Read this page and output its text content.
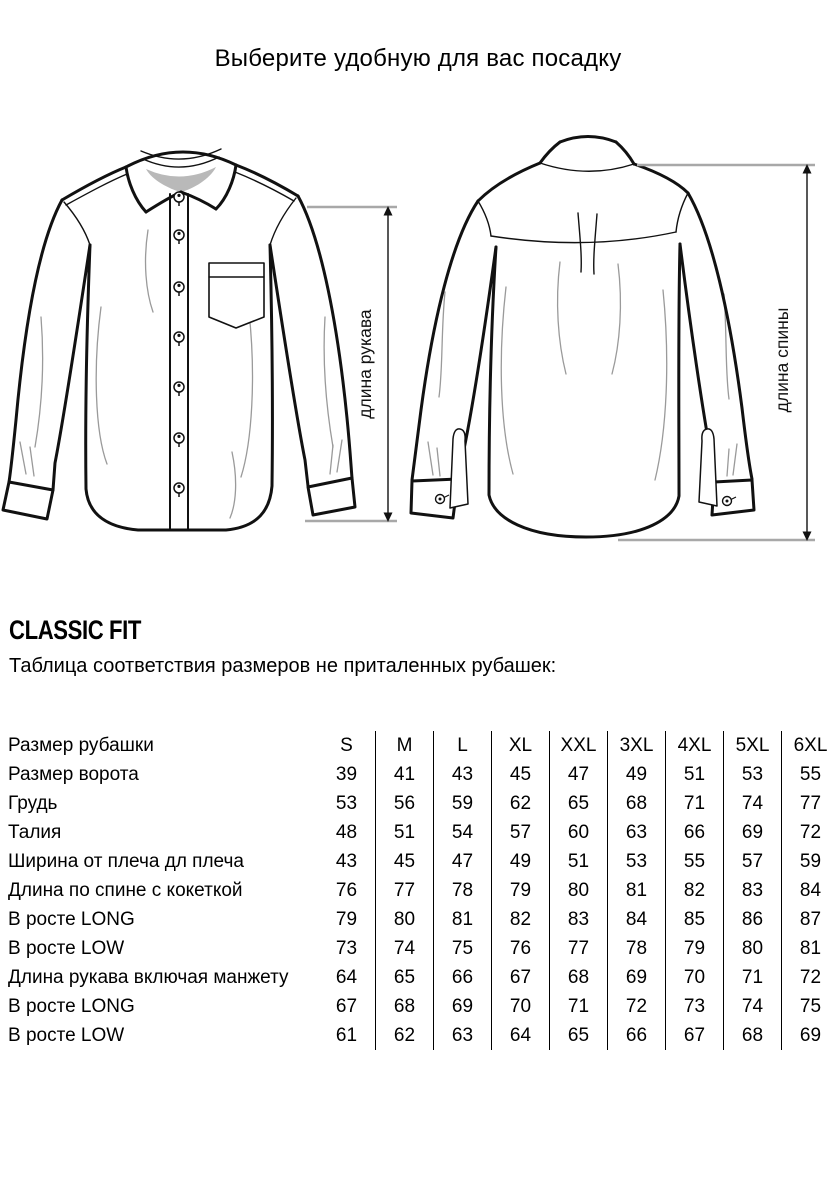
Выберите удобную для вас посадку
длина рукава	длина спины
CLASSIC FIT

Таблица соответствия размеров не приталенных рубашек:

Размер рубашки	S	M	L	XL	XXL	3XL	4XL	5XL	6XL
Размер ворота	39	41	43	45	47	49	51	53	55
Грудь	53	56	59	62	65	68	71	74	77
Талия	48	51	54	57	60	63	66	69	72
Ширина от плеча дл плеча	43	45	47	49	51	53	55	57	59
Длина по спине с кокеткой	76	77	78	79	80	81	82	83	84
В росте LONG	79	80	81	82	83	84	85	86	87
В росте LOW	73	74	75	76	77	78	79	80	81
Длина рукава включая манжету	64	65	66	67	68	69	70	71	72
В росте LONG	67	68	69	70	71	72	73	74	75
В росте LOW	61	62	63	64	65	66	67	68	69
